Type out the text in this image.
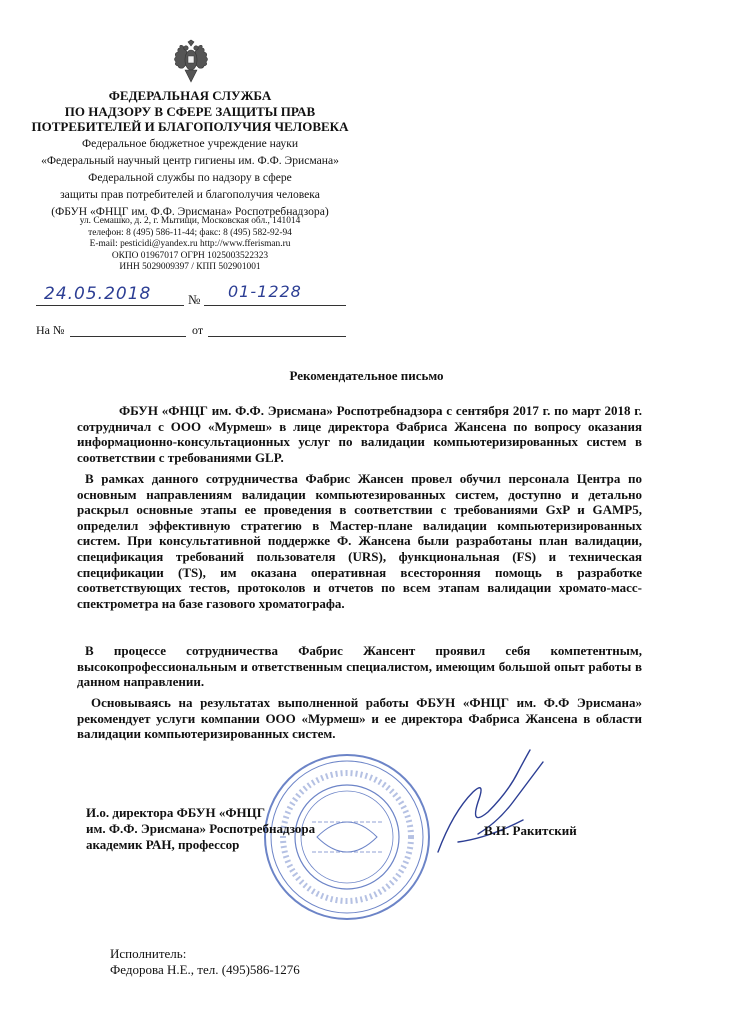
ФЕДЕРАЛЬНАЯ СЛУЖБА
ПО НАДЗОРУ В СФЕРЕ ЗАЩИТЫ ПРАВ
ПОТРЕБИТЕЛЕЙ И БЛАГОПОЛУЧИЯ ЧЕЛОВЕКА
Федеральное бюджетное учреждение науки
«Федеральный научный центр гигиены им. Ф.Ф. Эрисмана»
Федеральной службы по надзору в сфере
защиты прав потребителей и благополучия человека
(ФБУН «ФНЦГ им. Ф.Ф. Эрисмана» Роспотребнадзора)
ул. Семашко, д. 2, г. Мытищи, Московская обл., 141014
телефон: 8 (495) 586-11-44; факс: 8 (495) 582-92-94
E-mail: pesticidi@yandex.ru http://www.fferisman.ru
ОКПО 01967017 ОГРН 1025003522323
ИНН 5029009397 / КПП 502901001
24.05.2018	№ 01-1228
На №	от
Рекомендательное письмо

ФБУН «ФНЦГ им. Ф.Ф. Эрисмана» Роспотребнадзора с сентября 2017 г. по март 2018 г. сотрудничал с ООО «Мурмеш» в лице директора Фабриса Жансена по вопросу оказания информационно-консультационных услуг по валидации компьютеризированных систем в соответствии с требованиями GLP.

В рамках данного сотрудничества Фабрис Жансен провел обучил персонала Центра по основным направлениям валидации компьютезированных систем, доступно и детально раскрыл основные этапы ее проведения в соответствии с требованиями GxP и GAMP5, определил эффективную стратегию в Мастер-плане валидации компьютеризированных систем. При консультативной поддержке Ф. Жансена были разработаны план валидации, спецификация требований пользователя (URS), функциональная (FS) и техническая спецификации (TS), им оказана оперативная всесторонняя помощь в разработке соответствующих тестов, протоколов и отчетов по всем этапам валидации хромато-масс-спектрометра на базе газового хроматографа.

В процессе сотрудничества Фабрис Жансент проявил себя компетентным, высокопрофессиональным и ответственным специалистом, имеющим большой опыт работы в данном направлении.

Основываясь на результатах выполненной работы ФБУН «ФНЦГ им. Ф.Ф Эрисмана» рекомендует услуги компании ООО «Мурмеш» и ее директора Фабриса Жансена в области валидации компьютеризированных систем.

И.о. директора ФБУН «ФНЦГ
им. Ф.Ф. Эрисмана» Роспотребнадзора
академик РАН, профессор
В.Н. Ракитский
Исполнитель:
Федорова Н.Е., тел. (495)586-1276
